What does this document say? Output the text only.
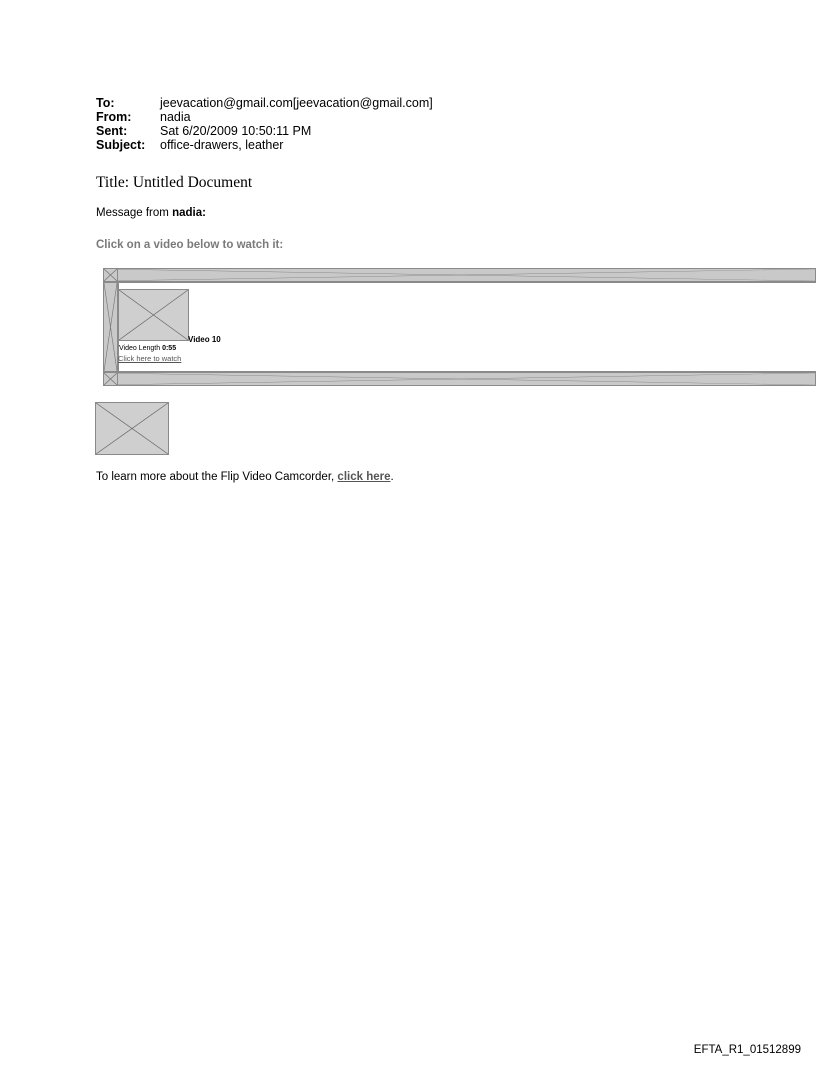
To:	jeevacation@gmail.com[jeevacation@gmail.com]
From:	nadia
Sent:	Sat 6/20/2009 10:50:11 PM
Subject:	office-drawers, leather
Title: Untitled Document
Message from nadia:
Click on a video below to watch it:
Video 10
Video Length 0:55
Click here to watch
To learn more about the Flip Video Camcorder, click here.
EFTA_R1_01512899
